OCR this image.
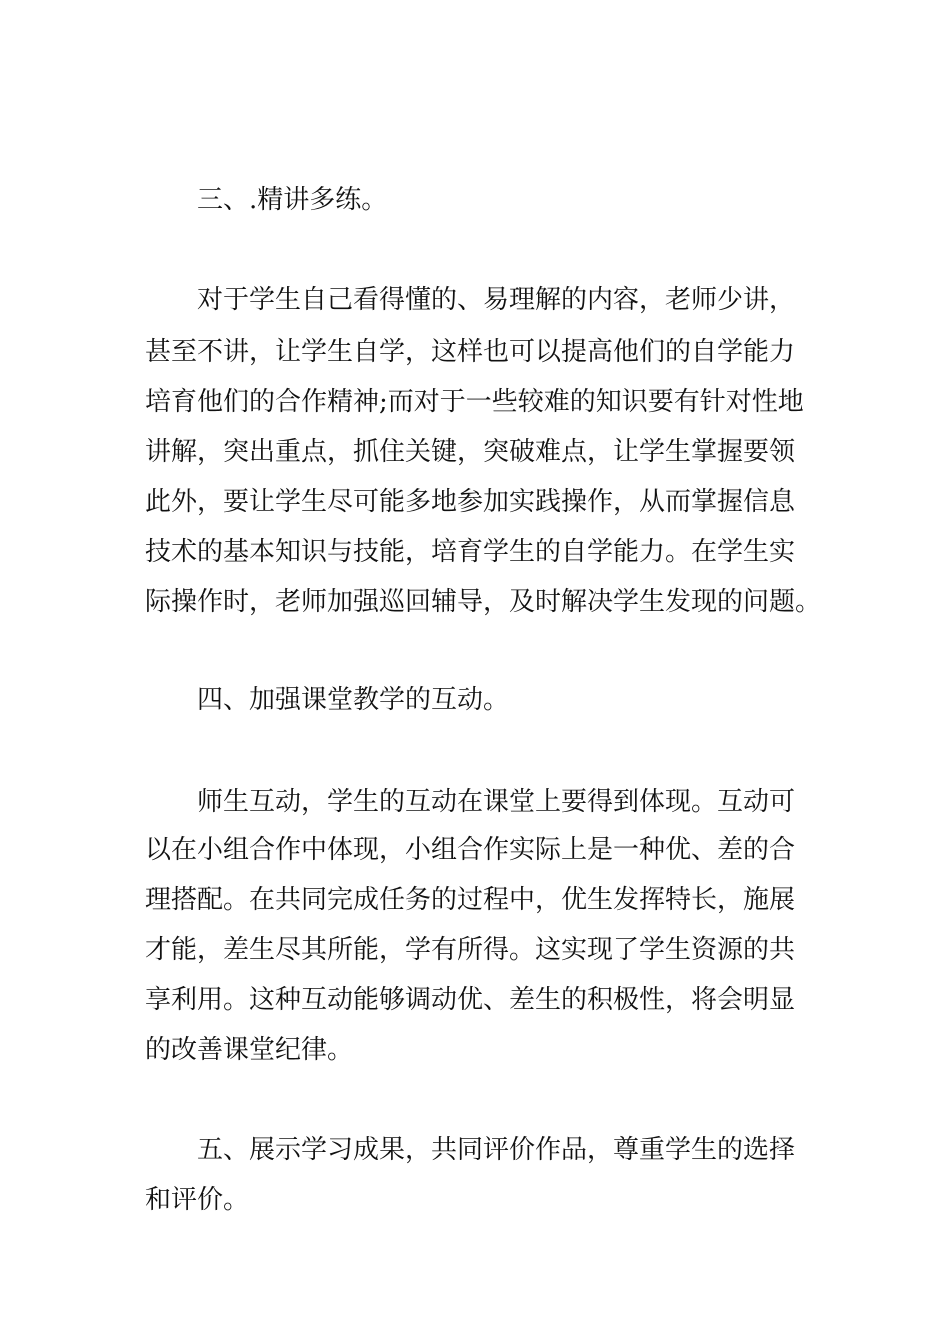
三、.精讲多练。
对于学生自己看得懂的、易理解的内容，老师少讲，
甚至不讲，让学生自学，这样也可以提高他们的自学能力
培育他们的合作精神;而对于一些较难的知识要有针对性地
讲解，突出重点，抓住关键，突破难点，让学生掌握要领
此外，要让学生尽可能多地参加实践操作，从而掌握信息
技术的基本知识与技能，培育学生的自学能力。在学生实
际操作时，老师加强巡回辅导，及时解决学生发现的问题。
四、加强课堂教学的互动。
师生互动，学生的互动在课堂上要得到体现。互动可
以在小组合作中体现，小组合作实际上是一种优、差的合
理搭配。在共同完成任务的过程中，优生发挥特长，施展
才能，差生尽其所能，学有所得。这实现了学生资源的共
享利用。这种互动能够调动优、差生的积极性，将会明显
的改善课堂纪律。
五、展示学习成果，共同评价作品，尊重学生的选择
和评价。
